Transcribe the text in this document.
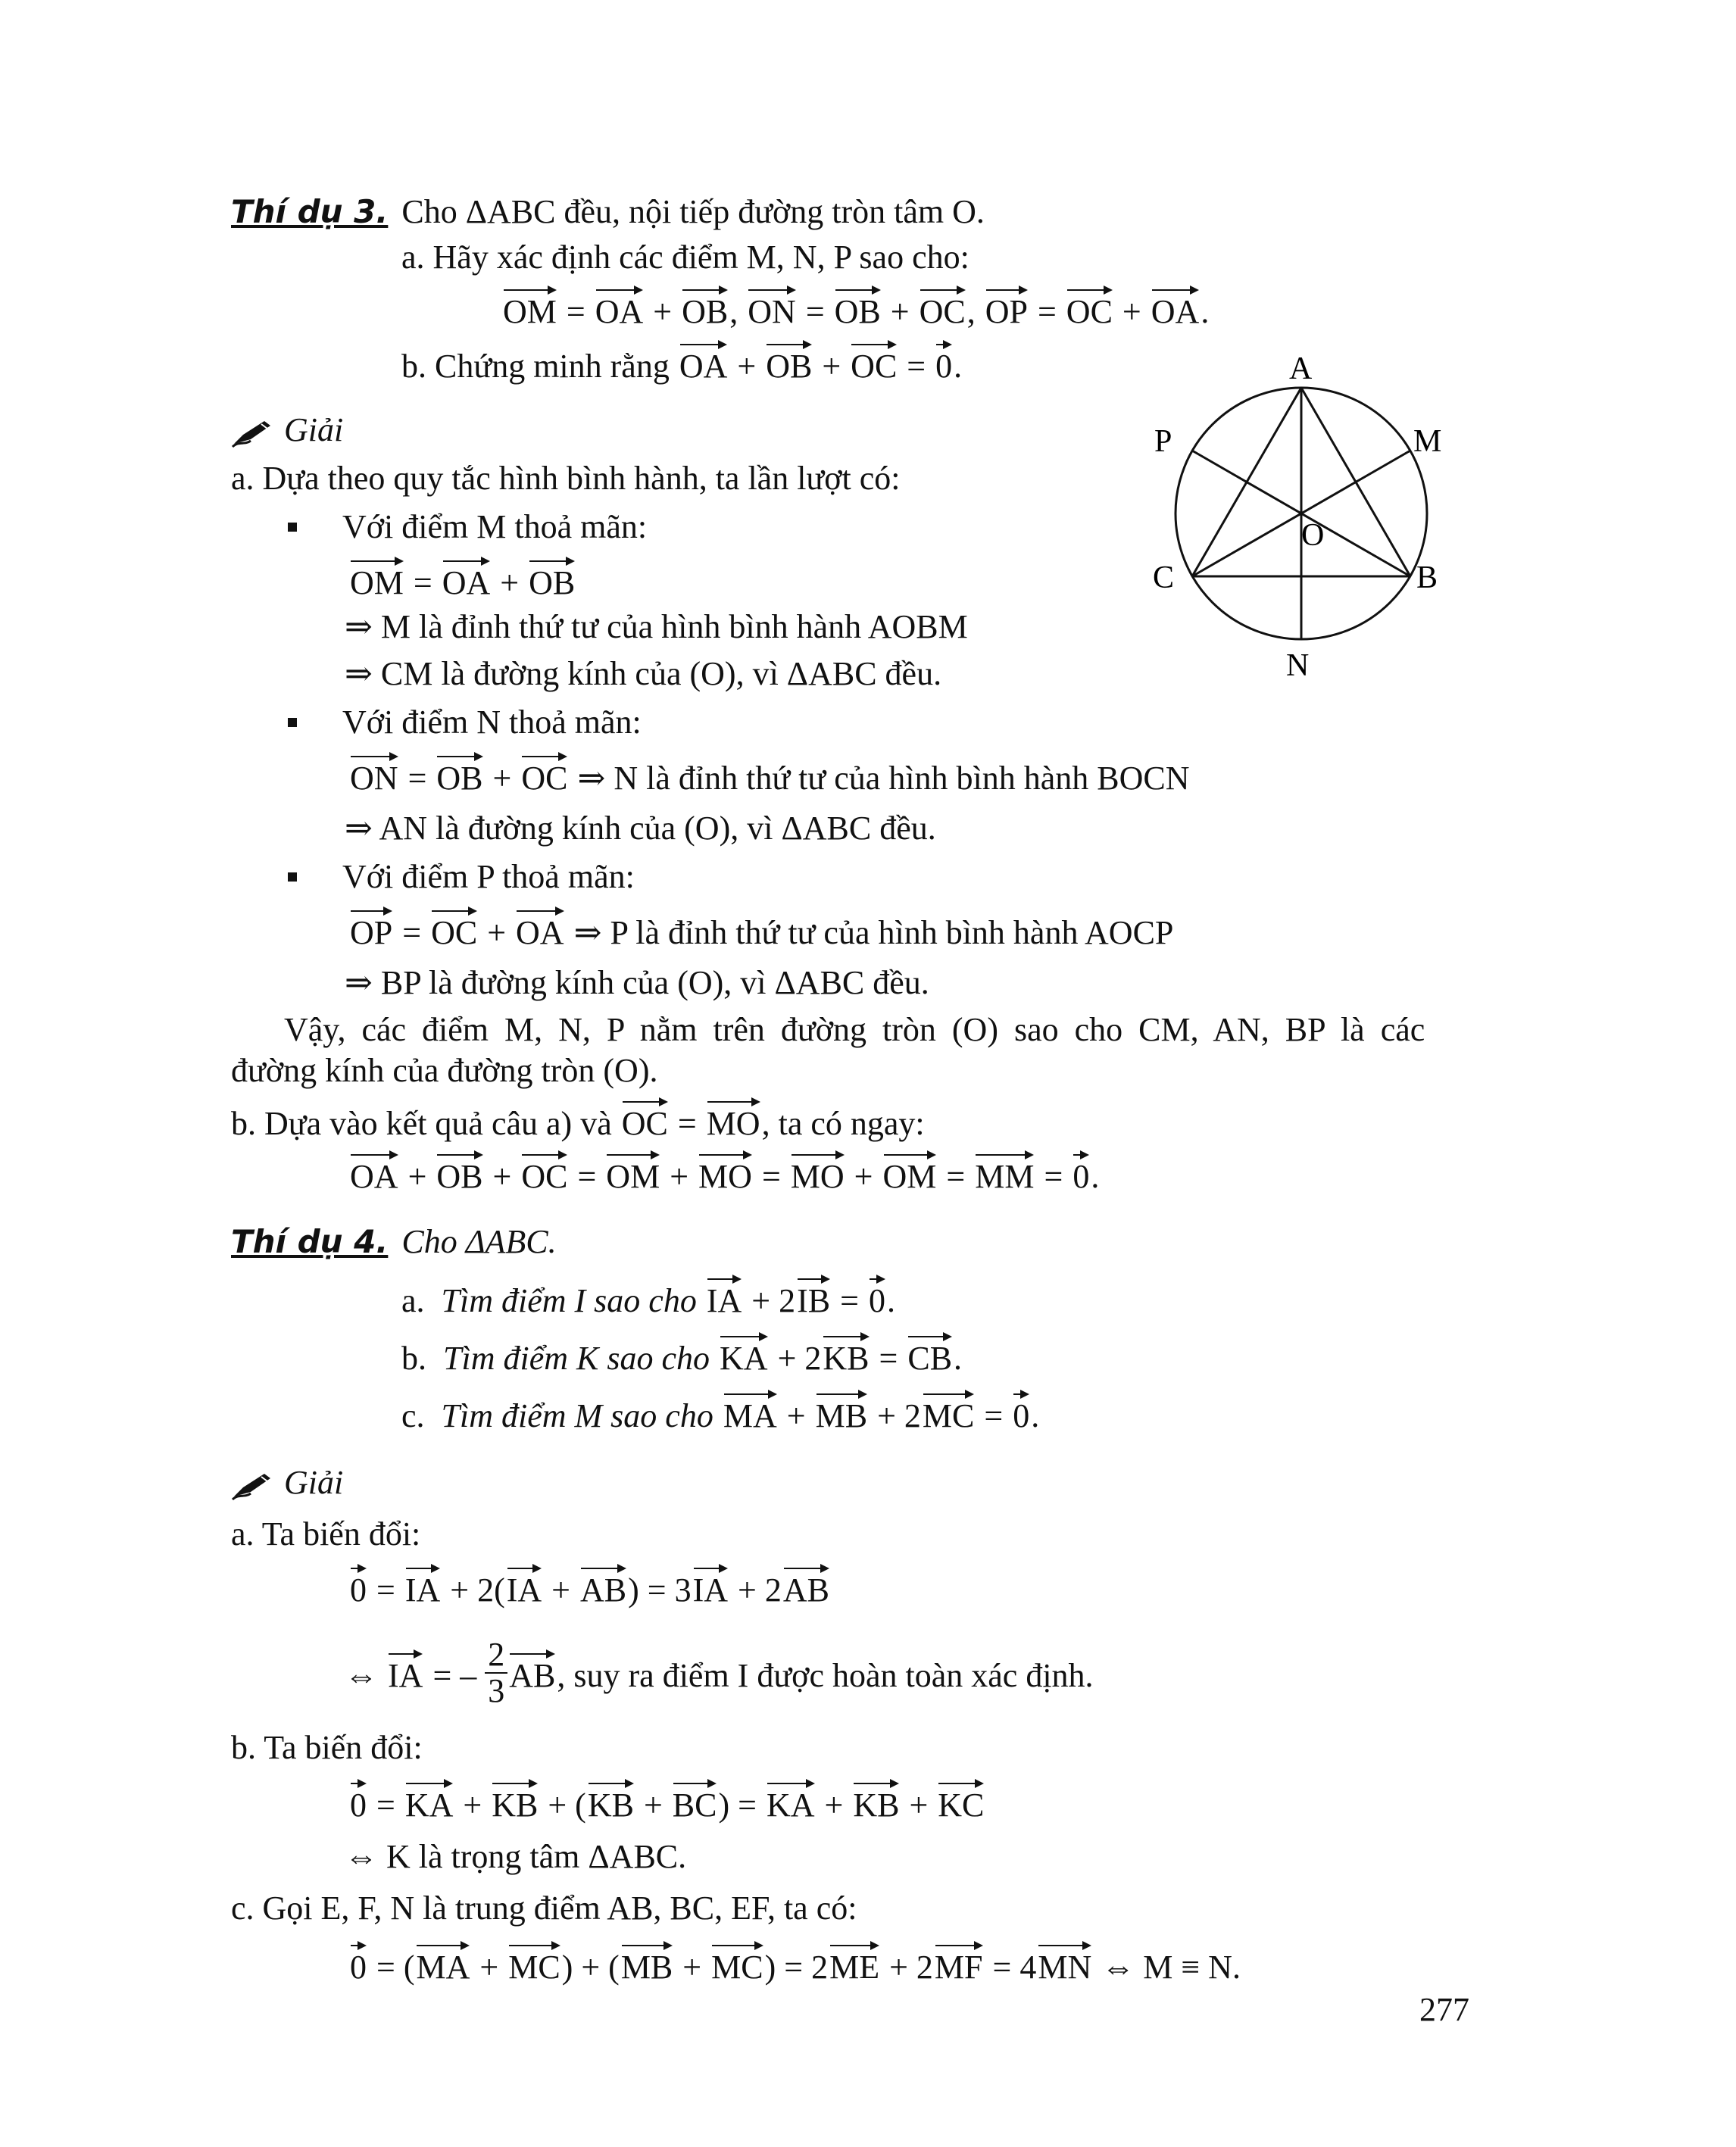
Thí dụ 3. Cho ΔABC đều, nội tiếp đường tròn tâm O.
a. Hãy xác định các điểm M, N, P sao cho:
OM = OA + OB, ON = OB + OC, OP = OC + OA.
b. Chứng minh rằng OA + OB + OC = 0.
Giải
a. Dựa theo quy tắc hình bình hành, ta lần lượt có:
Với điểm M thoả mãn:
OM = OA + OB
⇒ M là đỉnh thứ tư của hình bình hành AOBM
⇒ CM là đường kính của (O), vì ΔABC đều.
Với điểm N thoả mãn:
ON = OB + OC ⇒ N là đỉnh thứ tư của hình bình hành BOCN
⇒ AN là đường kính của (O), vì ΔABC đều.
Với điểm P thoả mãn:
OP = OC + OA ⇒ P là đỉnh thứ tư của hình bình hành AOCP
⇒ BP là đường kính của (O), vì ΔABC đều.
Vậy, các điểm M, N, P nằm trên đường tròn (O) sao cho CM, AN, BP là các
đường kính của đường tròn (O).
b. Dựa vào kết quả câu a) và OC = MO, ta có ngay:
OA + OB + OC = OM + MO = MO + OM = MM = 0.
Thí dụ 4. Cho ΔABC.
a.  Tìm điểm I sao cho IA + 2IB = 0.
b.  Tìm điểm K sao cho KA + 2KB = CB.
c.  Tìm điểm M sao cho MA + MB + 2MC = 0.
Giải
a. Ta biến đổi:
0 = IA + 2(IA + AB) = 3IA + 2AB
⇔ IA = – $\frac{2}{3}$ AB, suy ra điểm I được hoàn toàn xác định.
b. Ta biến đổi:
0 = KA + KB + (KB + BC) = KA + KB + KC
⇔ K là trọng tâm ΔABC.
c. Gọi E, F, N là trung điểm AB, BC, EF, ta có:
0 = (MA + MC) + (MB + MC) = 2ME + 2MF = 4MN ⇔ M ≡ N.
A
M
P
O
C	B
N
277
